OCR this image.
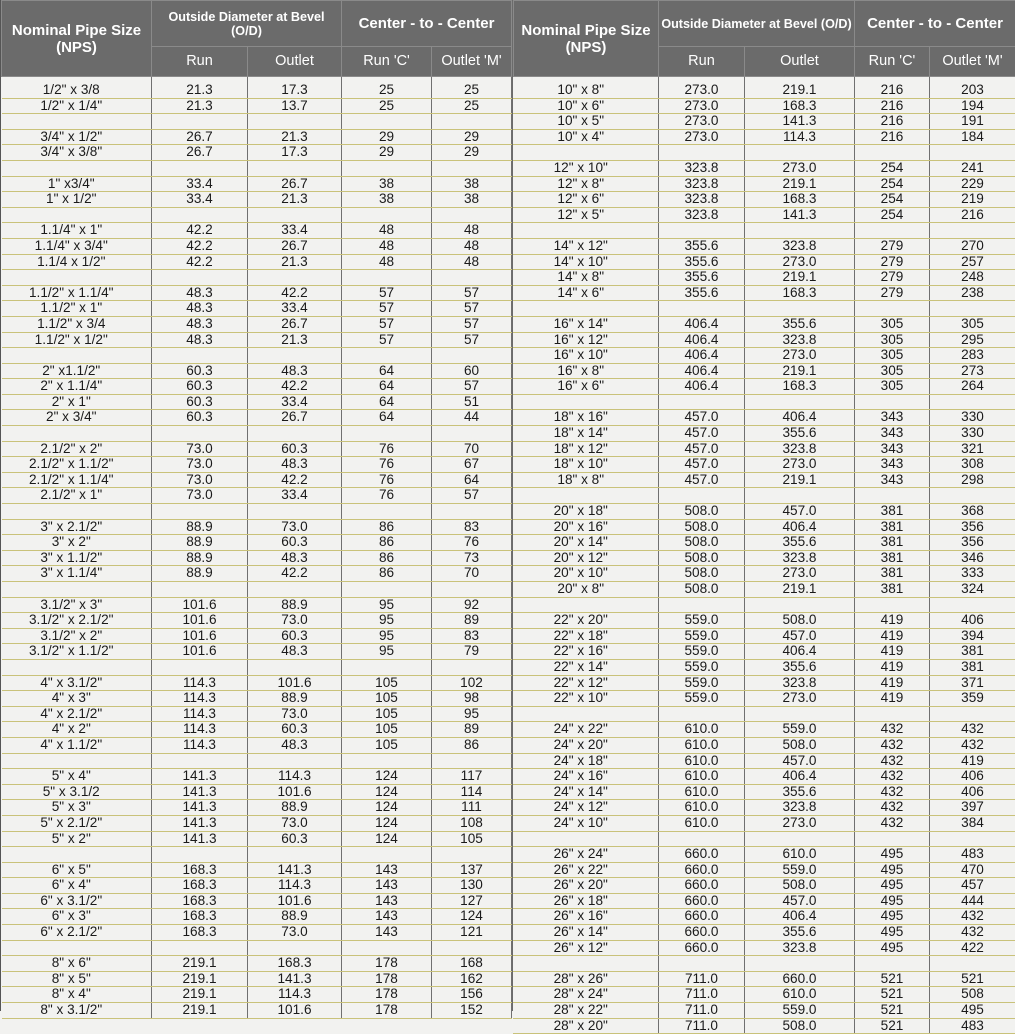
Nominal Pipe Size (NPS)	Outside Diameter at Bevel (O/D)		Center - to - Center	
	Run	Outlet	Run 'C'	Outlet 'M'
1/2" x 3/8	21.3	17.3	25	25
1/2" x 1/4"	21.3	13.7	25	25

3/4" x 1/2"	26.7	21.3	29	29
3/4" x 3/8"	26.7	17.3	29	29

1" x3/4"	33.4	26.7	38	38
1" x 1/2"	33.4	21.3	38	38

1.1/4" x 1"	42.2	33.4	48	48
1.1/4" x 3/4"	42.2	26.7	48	48
1.1/4 x 1/2"	42.2	21.3	48	48

1.1/2" x 1.1/4"	48.3	42.2	57	57
1.1/2" x 1"	48.3	33.4	57	57
1.1/2" x 3/4	48.3	26.7	57	57
1.1/2" x 1/2"	48.3	21.3	57	57

2" x1.1/2"	60.3	48.3	64	60
2" x 1.1/4"	60.3	42.2	64	57
2" x 1"	60.3	33.4	64	51
2" x 3/4"	60.3	26.7	64	44

2.1/2" x 2"	73.0	60.3	76	70
2.1/2" x 1.1/2"	73.0	48.3	76	67
2.1/2" x 1.1/4"	73.0	42.2	76	64
2.1/2" x 1"	73.0	33.4	76	57

3" x 2.1/2"	88.9	73.0	86	83
3" x 2"	88.9	60.3	86	76
3" x 1.1/2"	88.9	48.3	86	73
3" x 1.1/4"	88.9	42.2	86	70

3.1/2" x 3"	101.6	88.9	95	92
3.1/2" x 2.1/2"	101.6	73.0	95	89
3.1/2" x 2"	101.6	60.3	95	83
3.1/2" x 1.1/2"	101.6	48.3	95	79

4" x 3.1/2"	114.3	101.6	105	102
4" x 3"	114.3	88.9	105	98
4" x 2.1/2"	114.3	73.0	105	95
4" x 2"	114.3	60.3	105	89
4" x 1.1/2"	114.3	48.3	105	86

5" x 4"	141.3	114.3	124	117
5" x 3.1/2	141.3	101.6	124	114
5" x 3"	141.3	88.9	124	111
5" x 2.1/2"	141.3	73.0	124	108
5" x 2"	141.3	60.3	124	105

6" x 5"	168.3	141.3	143	137
6" x 4"	168.3	114.3	143	130
6" x 3.1/2"	168.3	101.6	143	127
6" x 3"	168.3	88.9	143	124
6" x 2.1/2"	168.3	73.0	143	121

8" x 6"	219.1	168.3	178	168
8" x 5"	219.1	141.3	178	162
8" x 4"	219.1	114.3	178	156
8" x 3.1/2"	219.1	101.6	178	152
Nominal Pipe Size (NPS)	Outside Diameter at Bevel (O/D)		Center - to - Center	
	Run	Outlet	Run 'C'	Outlet 'M'
10" x 8"	273.0	219.1	216	203
10" x 6"	273.0	168.3	216	194
10" x 5"	273.0	141.3	216	191
10" x 4"	273.0	114.3	216	184

12" x 10"	323.8	273.0	254	241
12" x 8"	323.8	219.1	254	229
12" x 6"	323.8	168.3	254	219
12" x 5"	323.8	141.3	254	216

14" x 12"	355.6	323.8	279	270
14" x 10"	355.6	273.0	279	257
14" x 8"	355.6	219.1	279	248
14" x 6"	355.6	168.3	279	238

16" x 14"	406.4	355.6	305	305
16" x 12"	406.4	323.8	305	295
16" x 10"	406.4	273.0	305	283
16" x 8"	406.4	219.1	305	273
16" x 6"	406.4	168.3	305	264

18" x 16"	457.0	406.4	343	330
18" x 14"	457.0	355.6	343	330
18" x 12"	457.0	323.8	343	321
18" x 10"	457.0	273.0	343	308
18" x 8"	457.0	219.1	343	298

20" x 18"	508.0	457.0	381	368
20" x 16"	508.0	406.4	381	356
20" x 14"	508.0	355.6	381	356
20" x 12"	508.0	323.8	381	346
20" x 10"	508.0	273.0	381	333
20" x 8"	508.0	219.1	381	324

22" x 20"	559.0	508.0	419	406
22" x 18"	559.0	457.0	419	394
22" x 16"	559.0	406.4	419	381
22" x 14"	559.0	355.6	419	381
22" x 12"	559.0	323.8	419	371
22" x 10"	559.0	273.0	419	359

24" x 22"	610.0	559.0	432	432
24" x 20"	610.0	508.0	432	432
24" x 18"	610.0	457.0	432	419
24" x 16"	610.0	406.4	432	406
24" x 14"	610.0	355.6	432	406
24" x 12"	610.0	323.8	432	397
24" x 10"	610.0	273.0	432	384

26" x 24"	660.0	610.0	495	483
26" x 22"	660.0	559.0	495	470
26" x 20"	660.0	508.0	495	457
26" x 18"	660.0	457.0	495	444
26" x 16"	660.0	406.4	495	432
26" x 14"	660.0	355.6	495	432
26" x 12"	660.0	323.8	495	422

28" x 26"	711.0	660.0	521	521
28" x 24"	711.0	610.0	521	508
28" x 22"	711.0	559.0	521	495
28" x 20"	711.0	508.0	521	483
